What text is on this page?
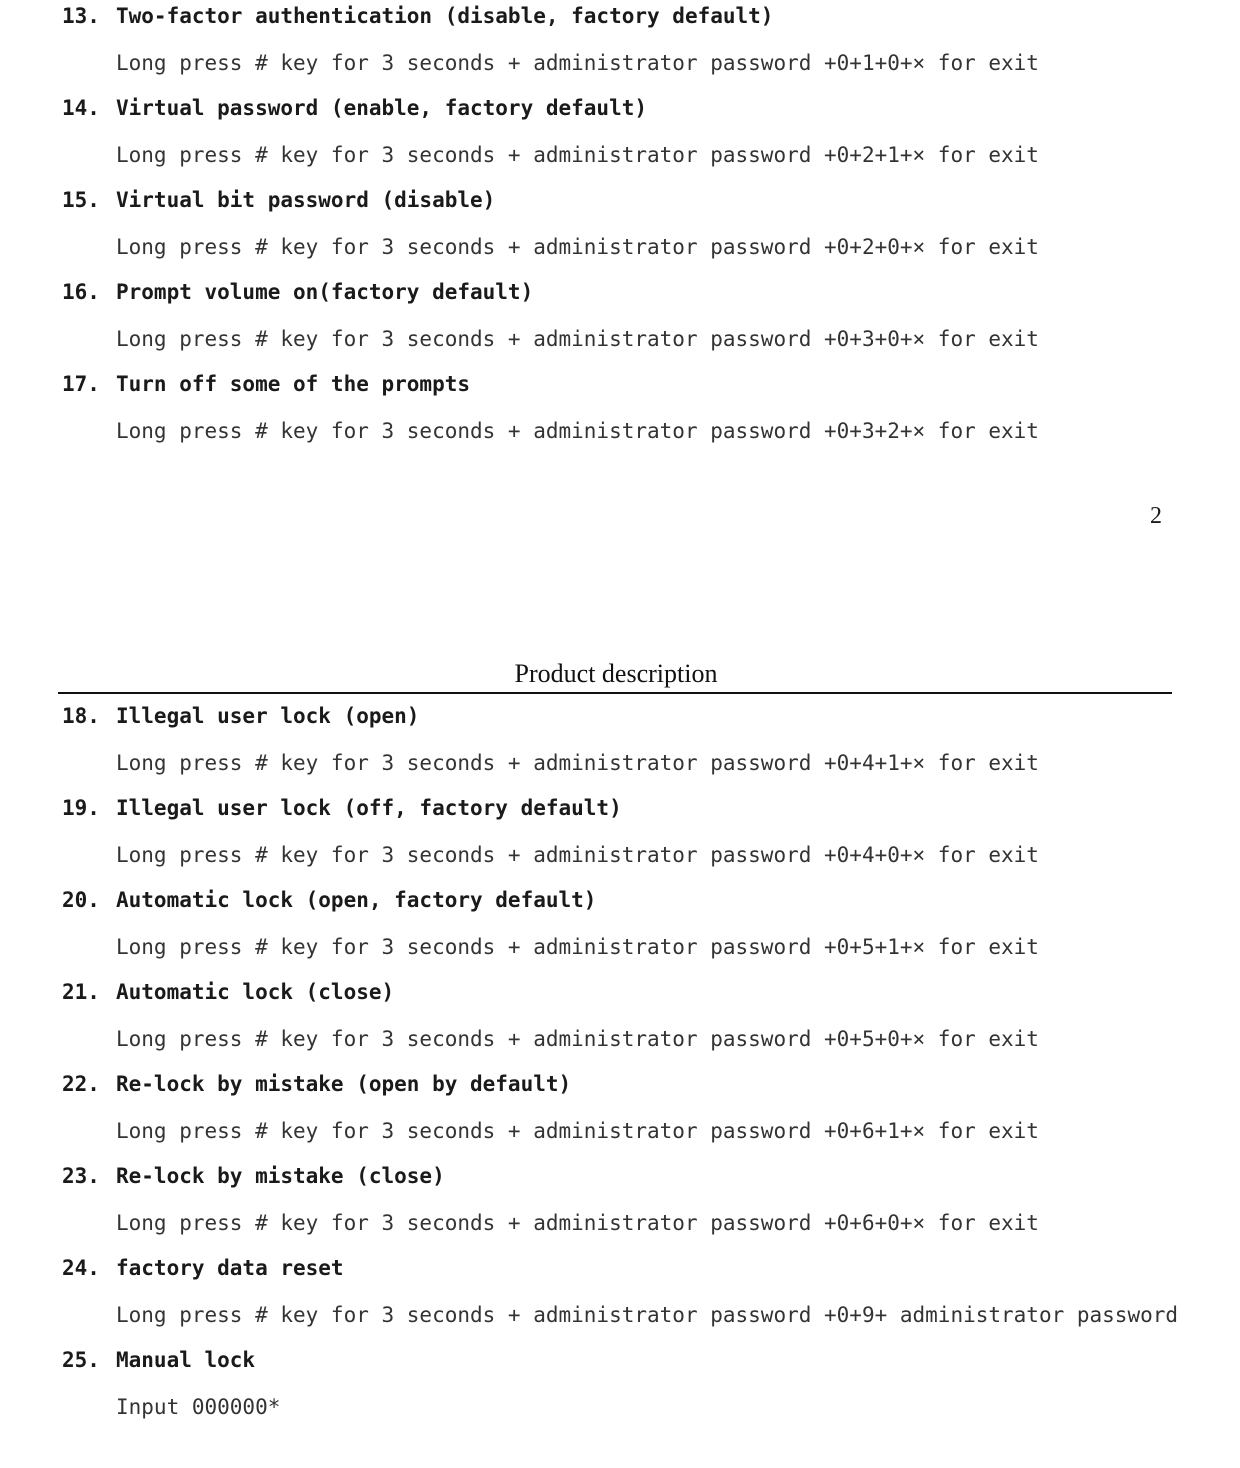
13. Two-factor authentication (disable, factory default)
Long press # key for 3 seconds + administrator password +0+1+0+× for exit
14. Virtual password (enable, factory default)
Long press # key for 3 seconds + administrator password +0+2+1+× for exit
15. Virtual bit password (disable)
Long press # key for 3 seconds + administrator password +0+2+0+× for exit
16. Prompt volume on(factory default)
Long press # key for 3 seconds + administrator password +0+3+0+× for exit
17. Turn off some of the prompts
Long press # key for 3 seconds + administrator password +0+3+2+× for exit
2
Product description
18. Illegal user lock (open)
Long press # key for 3 seconds + administrator password +0+4+1+× for exit
19. Illegal user lock (off, factory default)
Long press # key for 3 seconds + administrator password +0+4+0+× for exit
20. Automatic lock (open, factory default)
Long press # key for 3 seconds + administrator password +0+5+1+× for exit
21. Automatic lock (close)
Long press # key for 3 seconds + administrator password +0+5+0+× for exit
22. Re-lock by mistake (open by default)
Long press # key for 3 seconds + administrator password +0+6+1+× for exit
23. Re-lock by mistake (close)
Long press # key for 3 seconds + administrator password +0+6+0+× for exit
24. factory data reset
Long press # key for 3 seconds + administrator password +0+9+ administrator password
25. Manual lock
Input 000000*
